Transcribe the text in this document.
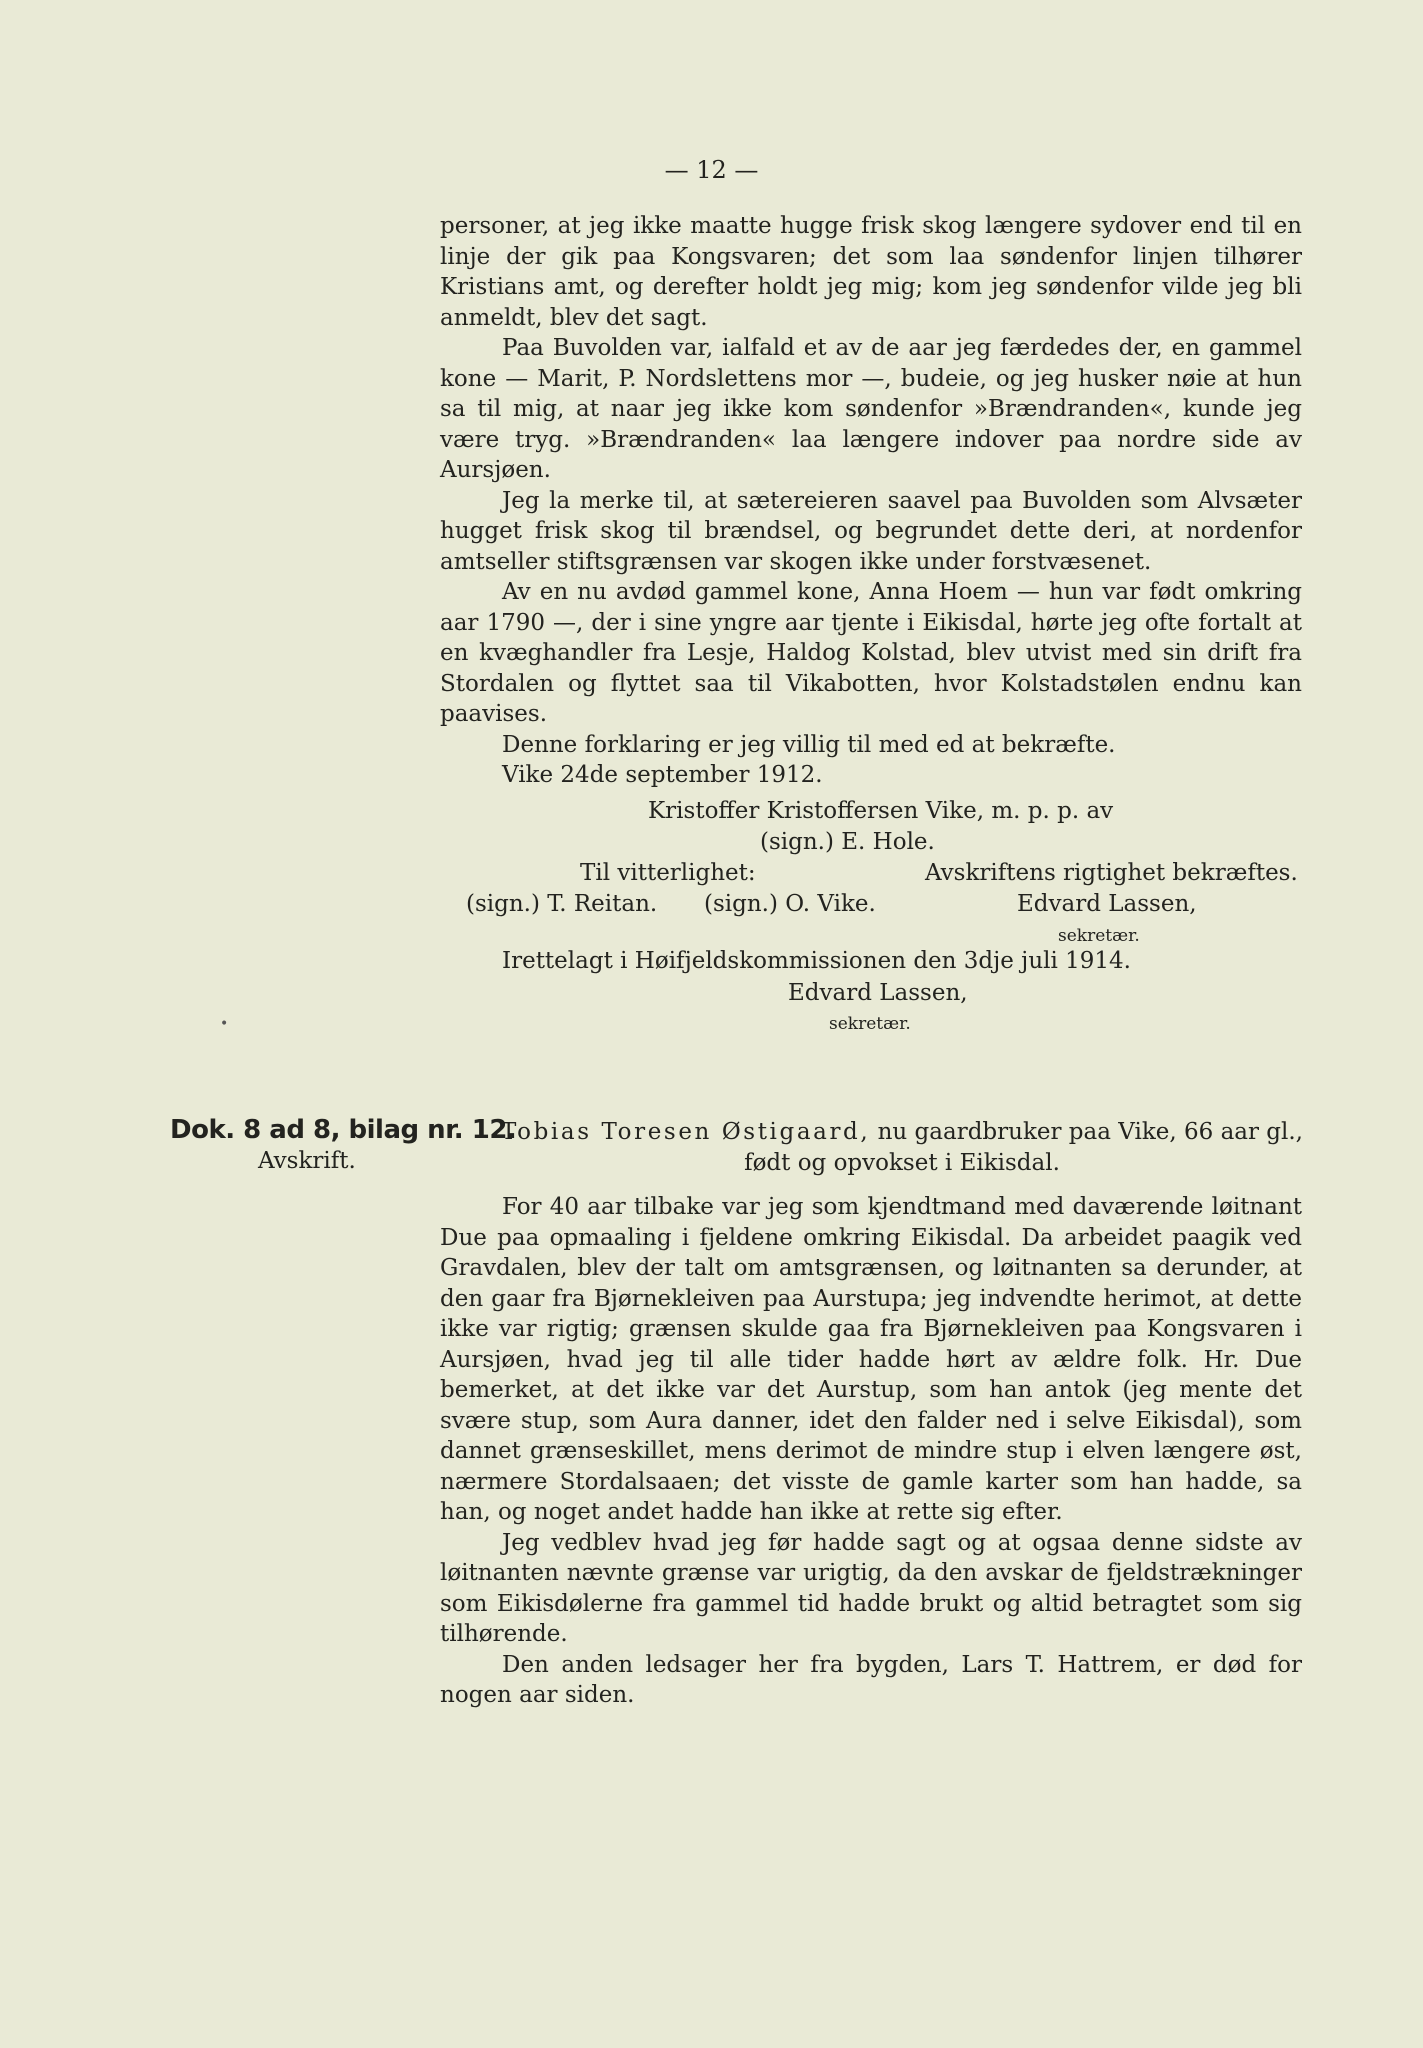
— 12 —

personer, at jeg ikke maatte hugge frisk skog længere sydover end til en linje der gik paa Kongsvaren; det som laa søndenfor linjen tilhører Kristians amt, og derefter holdt jeg mig; kom jeg søndenfor vilde jeg bli anmeldt, blev det sagt.

Paa Buvolden var, ialfald et av de aar jeg færdedes der, en gammel kone — Marit, P. Nordslettens mor —, budeie, og jeg husker nøie at hun sa til mig, at naar jeg ikke kom søndenfor »Brændranden«, kunde jeg være tryg. »Brændranden« laa længere indover paa nordre side av Aursjøen.

Jeg la merke til, at sætereieren saavel paa Buvolden som Alvsæter hugget frisk skog til brændsel, og begrundet dette deri, at nordenfor amtseller stiftsgrænsen var skogen ikke under forstvæsenet.

Av en nu avdød gammel kone, Anna Hoem — hun var født omkring aar 1790 —, der i sine yngre aar tjente i Eikisdal, hørte jeg ofte fortalt at en kvæghandler fra Lesje, Haldog Kolstad, blev utvist med sin drift fra Stordalen og flyttet saa til Vikabotten, hvor Kolstadstølen endnu kan paavises.

Denne forklaring er jeg villig til med ed at bekræfte.

Vike 24de september 1912.

Kristoffer Kristoffersen Vike, m. p. p. av
(sign.) E. Hole.
Til vitterlighet:	Avskriftens rigtighet bekræftes.
(sign.) T. Reitan. (sign.) O. Vike.	Edvard Lassen,
sekretær.
Irettelagt i Høifjeldskommissionen den 3dje juli 1914.
Edvard Lassen,
sekretær.
•
Dok. 8 ad 8, bilag nr. 12.
Avskrift.
Tobias Toresen Østigaard, nu gaardbruker paa Vike, 66 aar gl.,
født og opvokset i Eikisdal.

For 40 aar tilbake var jeg som kjendtmand med daværende løitnant Due paa opmaaling i fjeldene omkring Eikisdal. Da arbeidet paagik ved Gravdalen, blev der talt om amtsgrænsen, og løitnanten sa derunder, at den gaar fra Bjørnekleiven paa Aurstupa; jeg indvendte herimot, at dette ikke var rigtig; grænsen skulde gaa fra Bjørnekleiven paa Kongsvaren i Aursjøen, hvad jeg til alle tider hadde hørt av ældre folk. Hr. Due bemerket, at det ikke var det Aurstup, som han antok (jeg mente det svære stup, som Aura danner, idet den falder ned i selve Eikisdal), som dannet grænseskillet, mens derimot de mindre stup i elven længere øst, nærmere Stordalsaaen; det visste de gamle karter som han hadde, sa han, og noget andet hadde han ikke at rette sig efter.

Jeg vedblev hvad jeg før hadde sagt og at ogsaa denne sidste av løitnanten nævnte grænse var urigtig, da den avskar de fjeldstrækninger som Eikisdølerne fra gammel tid hadde brukt og altid betragtet som sig tilhørende.

Den anden ledsager her fra bygden, Lars T. Hattrem, er død for nogen aar siden.
